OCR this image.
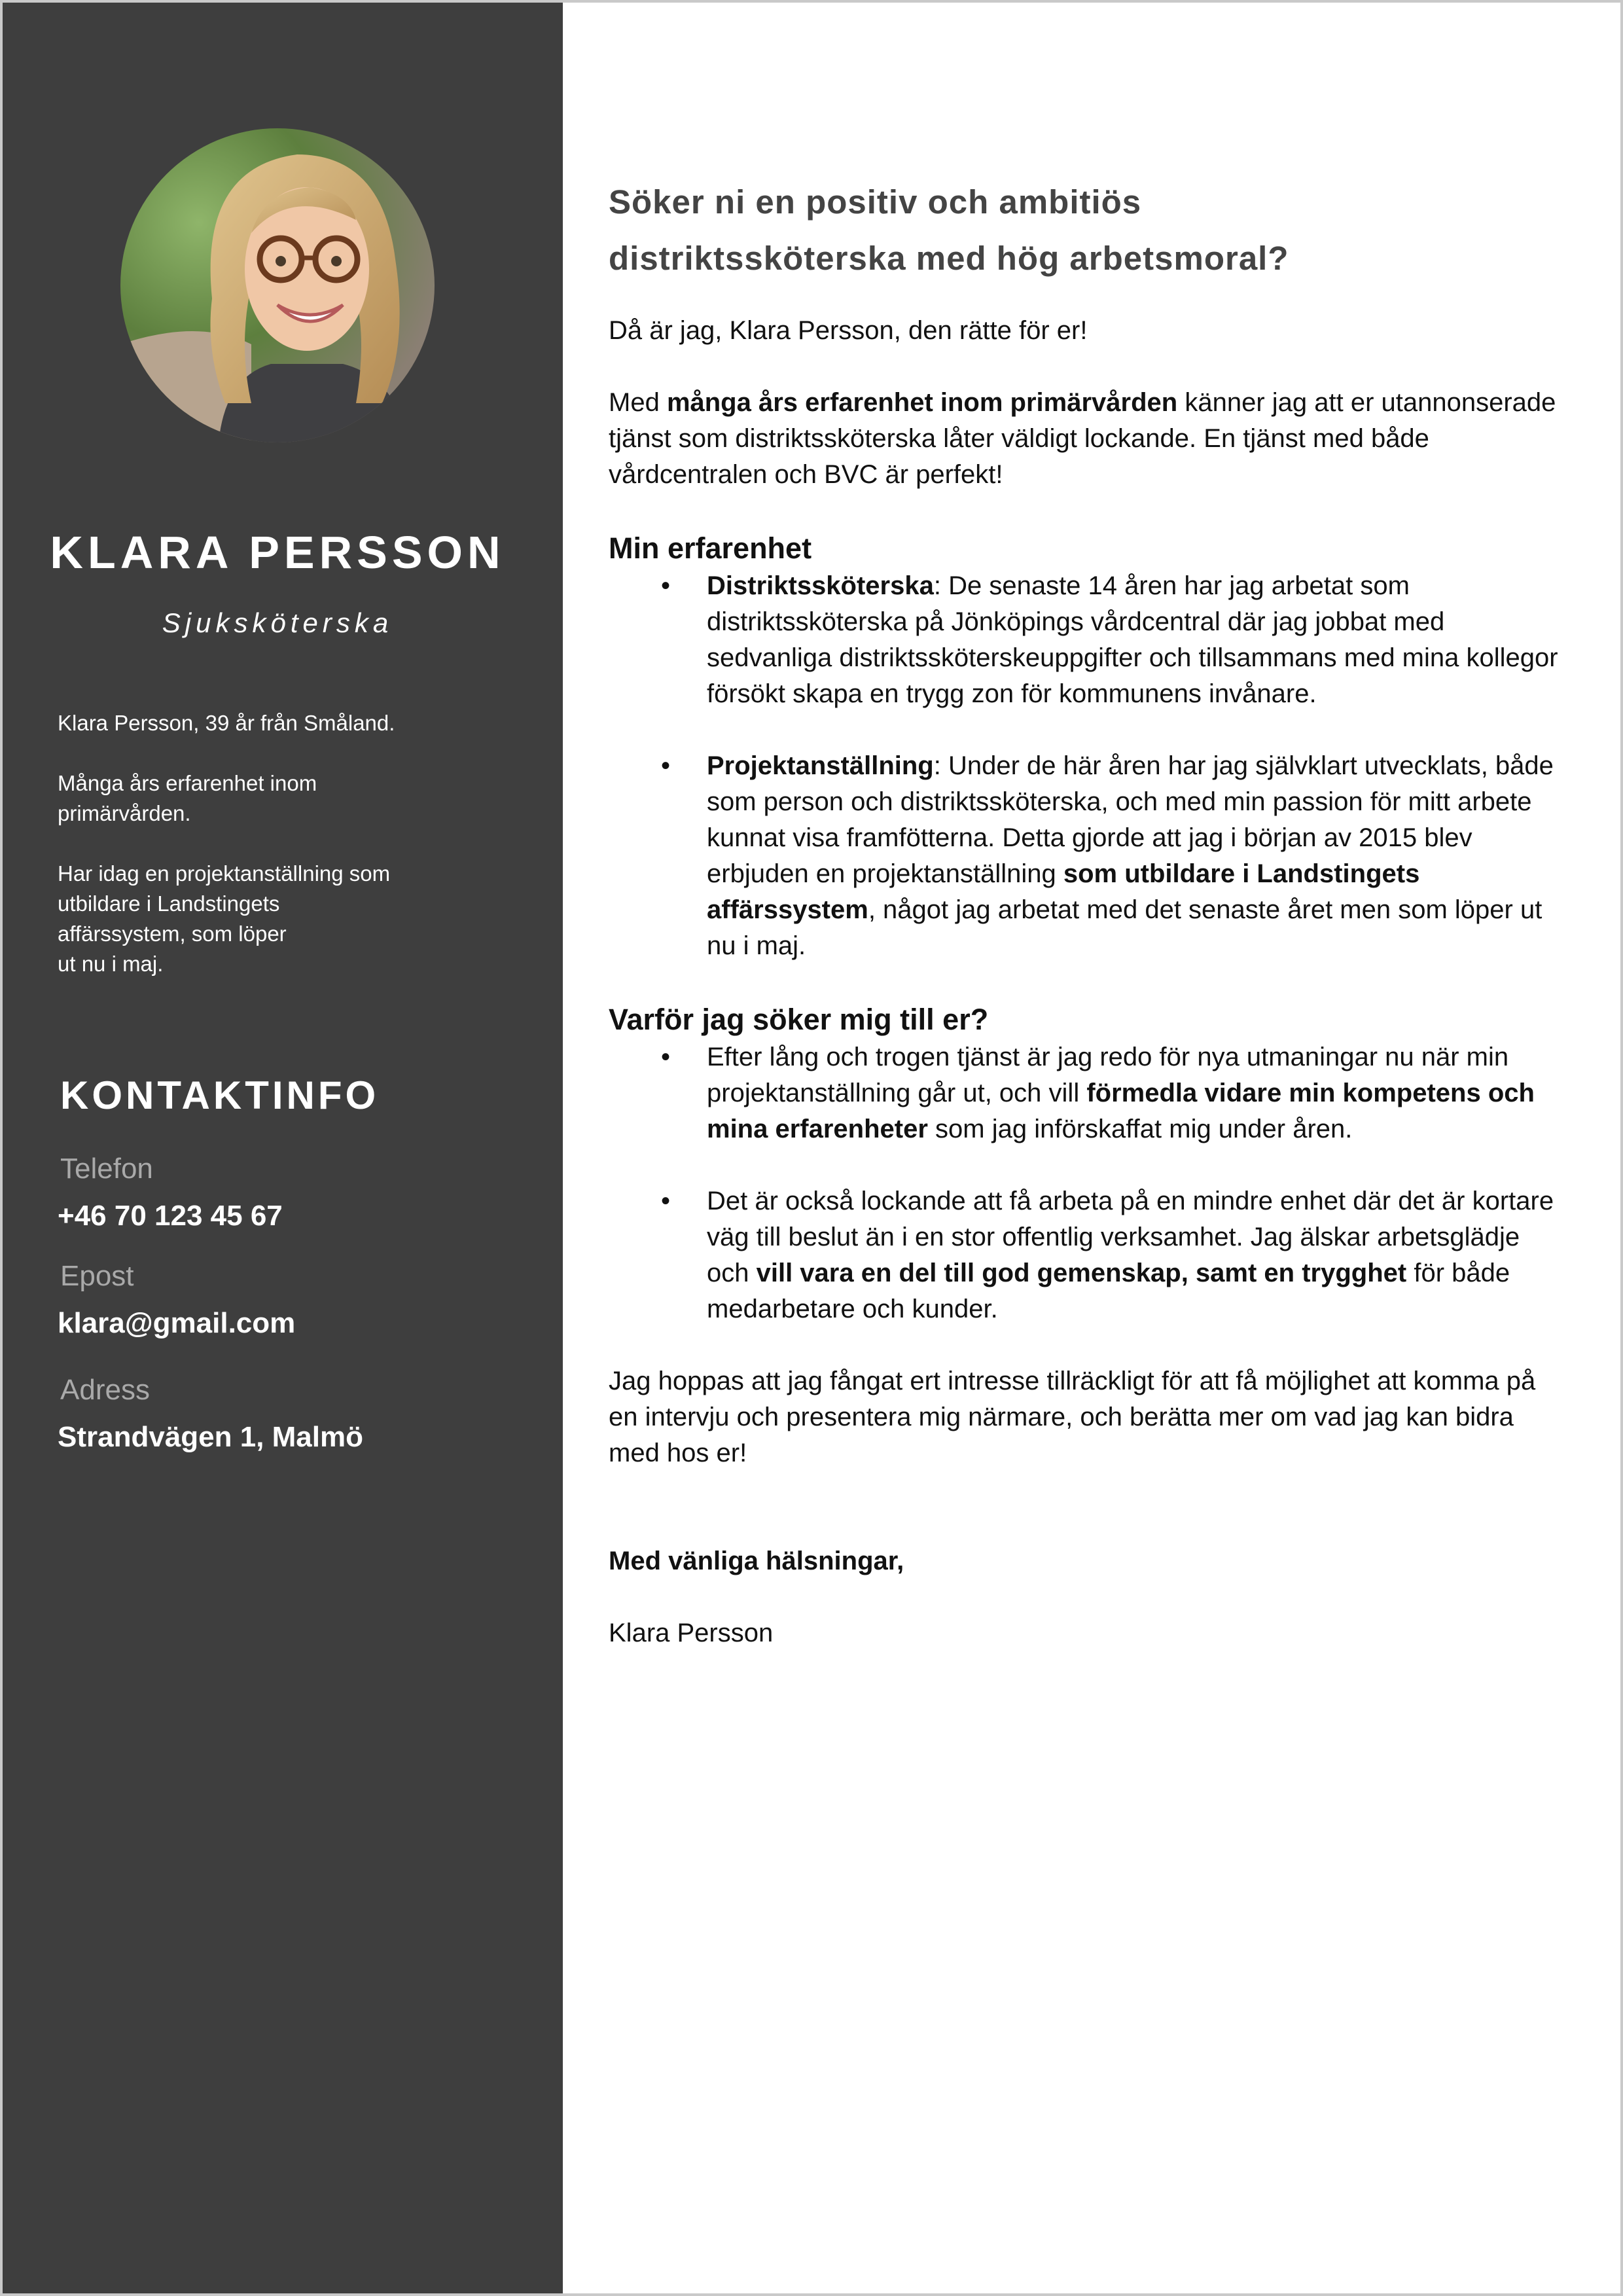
KLARA PERSSON
Sjuksköterska

Klara Persson, 39 år från Småland.

Många års erfarenhet inom
primärvården.

Har idag en projektanställning som
utbildare i Landstingets
affärssystem, som löper
ut nu i maj.

KONTAKTINFO
Telefon
+46 70 123 45 67
Epost
klara@gmail.com
Adress
Strandvägen 1, Malmö
Söker ni en positiv och ambitiös
distriktssköterska med hög arbetsmoral?

Då är jag, Klara Persson, den rätte för er!

Med många års erfarenhet inom primärvården känner jag att er utannonserade tjänst som distriktssköterska låter väldigt lockande. En tjänst med både vårdcentralen och BVC är perfekt!

Min erfarenhet
• Distriktssköterska: De senaste 14 åren har jag arbetat som distriktssköterska på Jönköpings vårdcentral där jag jobbat med sedvanliga distriktssköterskeuppgifter och tillsammans med mina kollegor försökt skapa en trygg zon för kommunens invånare.
• Projektanställning: Under de här åren har jag självklart utvecklats, både som person och distriktssköterska, och med min passion för mitt arbete kunnat visa framfötterna. Detta gjorde att jag i början av 2015 blev erbjuden en projektanställning som utbildare i Landstingets affärssystem, något jag arbetat med det senaste året men som löper ut nu i maj.
Varför jag söker mig till er?
• Efter lång och trogen tjänst är jag redo för nya utmaningar nu när min projektanställning går ut, och vill förmedla vidare min kompetens och mina erfarenheter som jag införskaffat mig under åren.
• Det är också lockande att få arbeta på en mindre enhet där det är kortare väg till beslut än i en stor offentlig verksamhet. Jag älskar arbetsglädje och vill vara en del till god gemenskap, samt en trygghet för både medarbetare och kunder.

Jag hoppas att jag fångat ert intresse tillräckligt för att få möjlighet att komma på en intervju och presentera mig närmare, och berätta mer om vad jag kan bidra med hos er!

Med vänliga hälsningar,

Klara Persson
